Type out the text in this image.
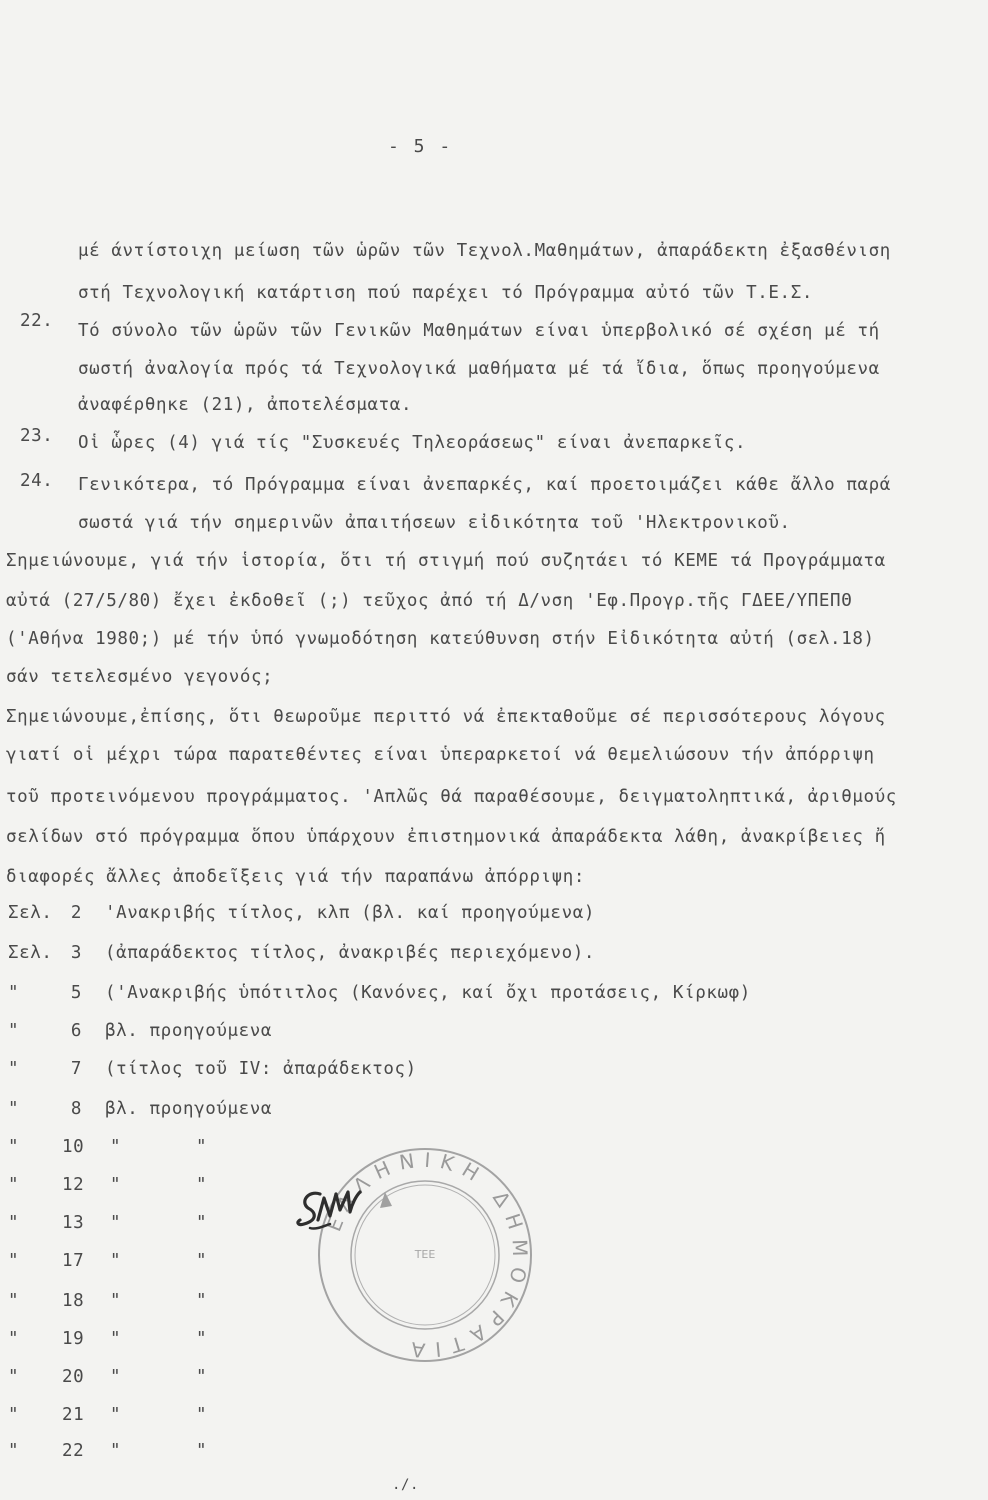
- 5 -
μέ άντίστοιχη μείωση τῶν ὡρῶν τῶν Τεχνολ.Μαθημάτων, ἀπαράδεκτη ἐξασθένιση
στή Τεχνολογική κατάρτιση πού παρέχει τό Πρόγραμμα αὐτό τῶν Τ.Ε.Σ.
22. Τό σύνολο τῶν ὡρῶν τῶν Γενικῶν Μαθημάτων είναι ὑπερβολικό σέ σχέση μέ τή
σωστή ἀναλογία πρός τά Τεχνολογικά μαθήματα μέ τά ἴδια, ὅπως προηγούμενα
ἀναφέρθηκε (21), ἀποτελέσματα.
23. Οἱ ὧρες (4) γιά τίς "Συσκευές Τηλεοράσεως" είναι ἀνεπαρκεῖς.
24. Γενικότερα, τό Πρόγραμμα είναι ἀνεπαρκές, καί προετοιμάζει κάθε ἄλλο παρά
σωστά γιά τήν σημερινῶν ἀπαιτήσεων εἰδικότητα τοῦ 'Ηλεκτρονικοῦ.
Σημειώνουμε, γιά τήν ἱστορία, ὅτι τή στιγμή πού συζητάει τό ΚΕΜΕ τά Προγράμματα
αὐτά (27/5/80) ἔχει ἐκδοθεῖ (;) τεῦχος ἀπό τή Δ/νση 'Εφ.Προγρ.τῆς ΓΔΕΕ/ΥΠΕΠΘ
('Αθήνα 1980;) μέ τήν ὑπό γνωμοδότηση κατεύθυνση στήν Εἰδικότητα αὐτή (σελ.18)
σάν τετελεσμένο γεγονός;
Σημειώνουμε,ἐπίσης, ὅτι θεωροῦμε περιττό νά ἐπεκταθοῦμε σέ περισσότερους λόγους
γιατί οἱ μέχρι τώρα παρατεθέντες είναι ὑπεραρκετοί νά θεμελιώσουν τήν ἀπόρριψη
τοῦ προτεινόμενου προγράμματος. 'Απλῶς θά παραθέσουμε, δειγματοληπτικά, ἀριθμούς
σελίδων στό πρόγραμμα ὅπου ὑπάρχουν ἐπιστημονικά ἀπαράδεκτα λάθη, ἀνακρίβειες ἤ
διαφορές ἄλλες ἀποδεῖξεις γιά τήν παραπάνω ἀπόρριψη:
Σελ.	2 'Ανακριβής τίτλος, κλπ (βλ. καί προηγούμενα)
Σελ.	3 (ἀπαράδεκτος τίτλος, ἀνακριβές περιεχόμενο).
"	5 ('Ανακριβής ὑπότιτλος (Κανόνες, καί ὄχι προτάσεις, Κίρκωφ)
"	6 βλ. προηγούμενα
"	7 (τίτλος τοῦ IV: ἀπαράδεκτος)
"	8 βλ. προηγούμενα
" 10 "	"
" 12 "	"
" 13 "	"
" 17 "	"
" 18 "	"
" 19 "	"
" 20 "	"
" 21 "	"
" 22 "	"
./.
ΕΛΛΗΝΙΚΗ ΔΗΜΟΚΡΑΤΙΑ
ΤΕΕ
